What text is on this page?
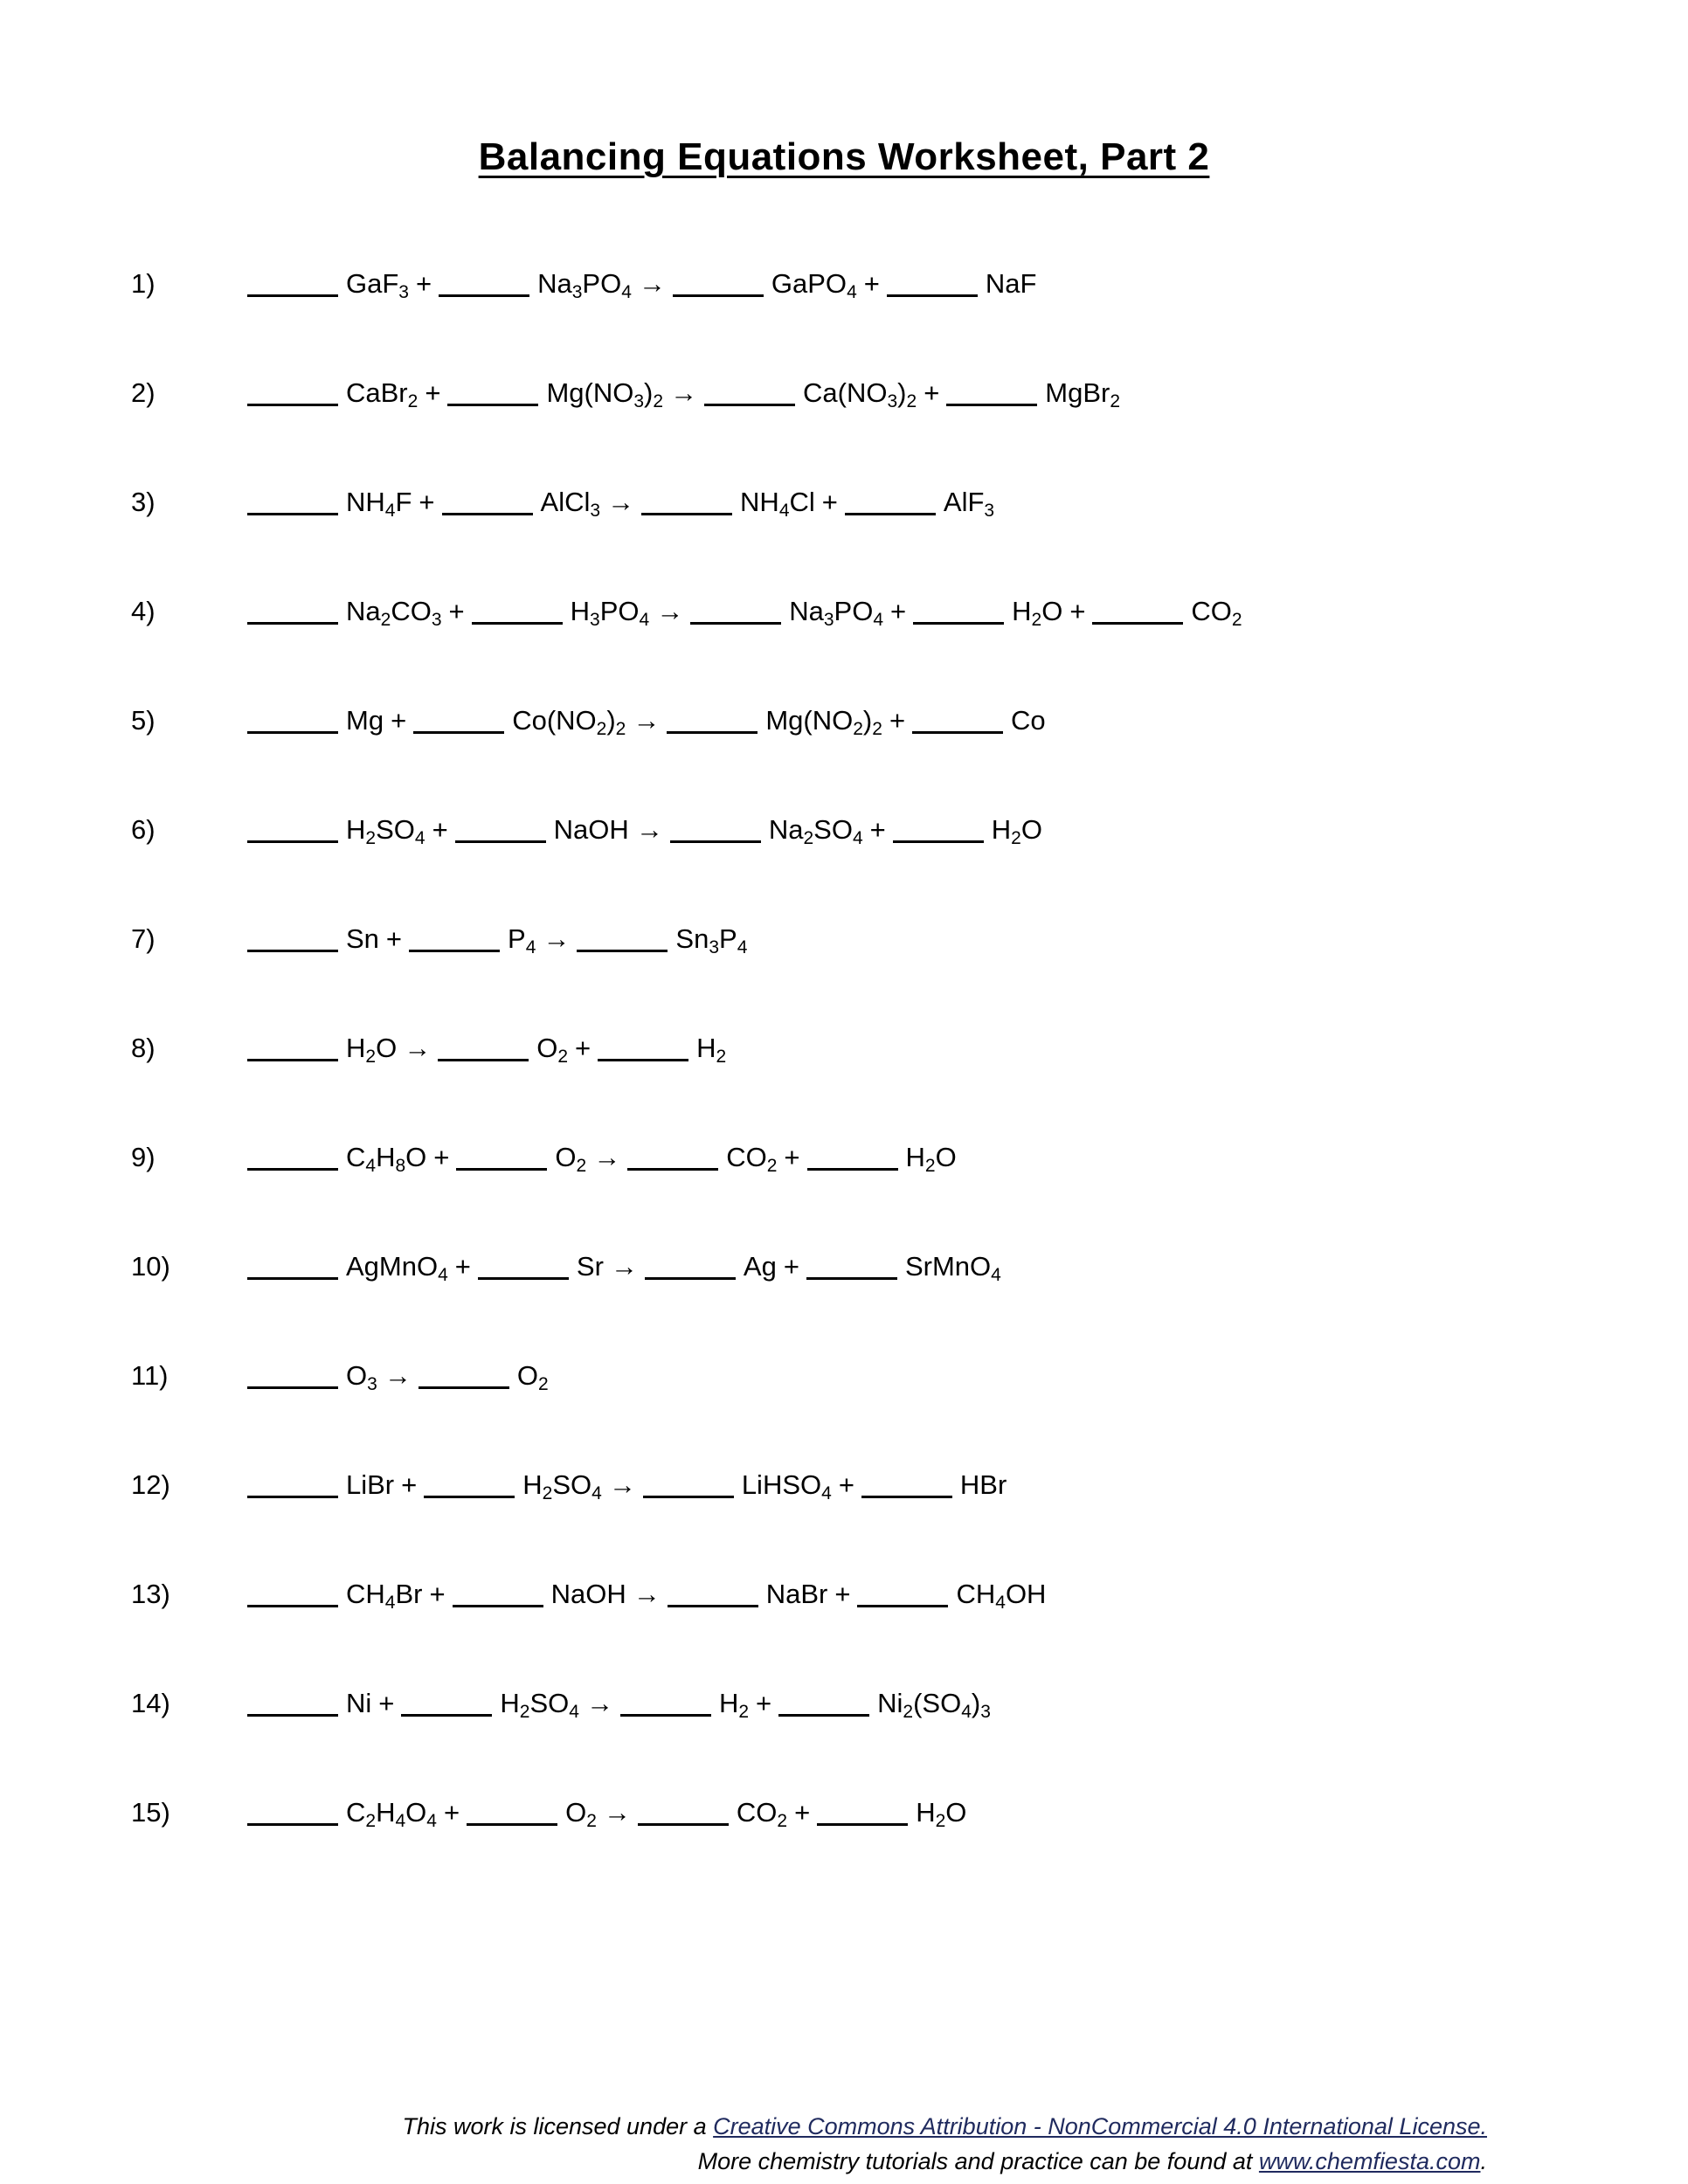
Balancing Equations Worksheet, Part 2
1)	GaF$_3$ +	$Na_3PO_4$ →	GaPO$_4$ +	NaF
2)	CaBr$_2$ +	$Mg(NO_3)_2$ →	$Ca(NO_3)_2$ +	MgBr$_2$
3)	$NH_4F$ +	AlCl$_3$ →	$NH_4Cl$ +	AlF$_3$
4)	$Na_2CO_3$ +	$H_3PO_4$ →	$Na_3PO_4$ +	$H_2O$ +	$CO_2$
5)	Mg +	$Co(NO_2)_2$ →	$Mg(NO_2)_2$ +	Co
6)	$H_2SO_4$ +	NaOH →	$Na_2SO_4$ +	$H_2O$
7)	Sn +	$P_4$ →	$Sn_3P_4$
8)	$H_2O$ →	$O_2$ +	$H_2$
9)	$C_4H_8O$ +	$O_2$ →	$CO_2$ +	$H_2O$
10)	AgMnO$_4$ +	Sr →	Ag +	SrMnO$_4$
11)	$O_3$ →	$O_2$
12)	LiBr +	$H_2SO_4$ →	LiHSO$_4$ +	HBr
13)	$CH_4Br$ +	NaOH →	NaBr +	$CH_4OH$
14)	Ni +	$H_2SO_4$ →	$H_2$ +	$Ni_2(SO_4)_3$
15)	$C_2H_4O_4$ +	$O_2$ →	$CO_2$ +	$H_2O$
This work is licensed under a Creative Commons Attribution - NonCommercial 4.0 International License.
More chemistry tutorials and practice can be found at www.chemfiesta.com.
